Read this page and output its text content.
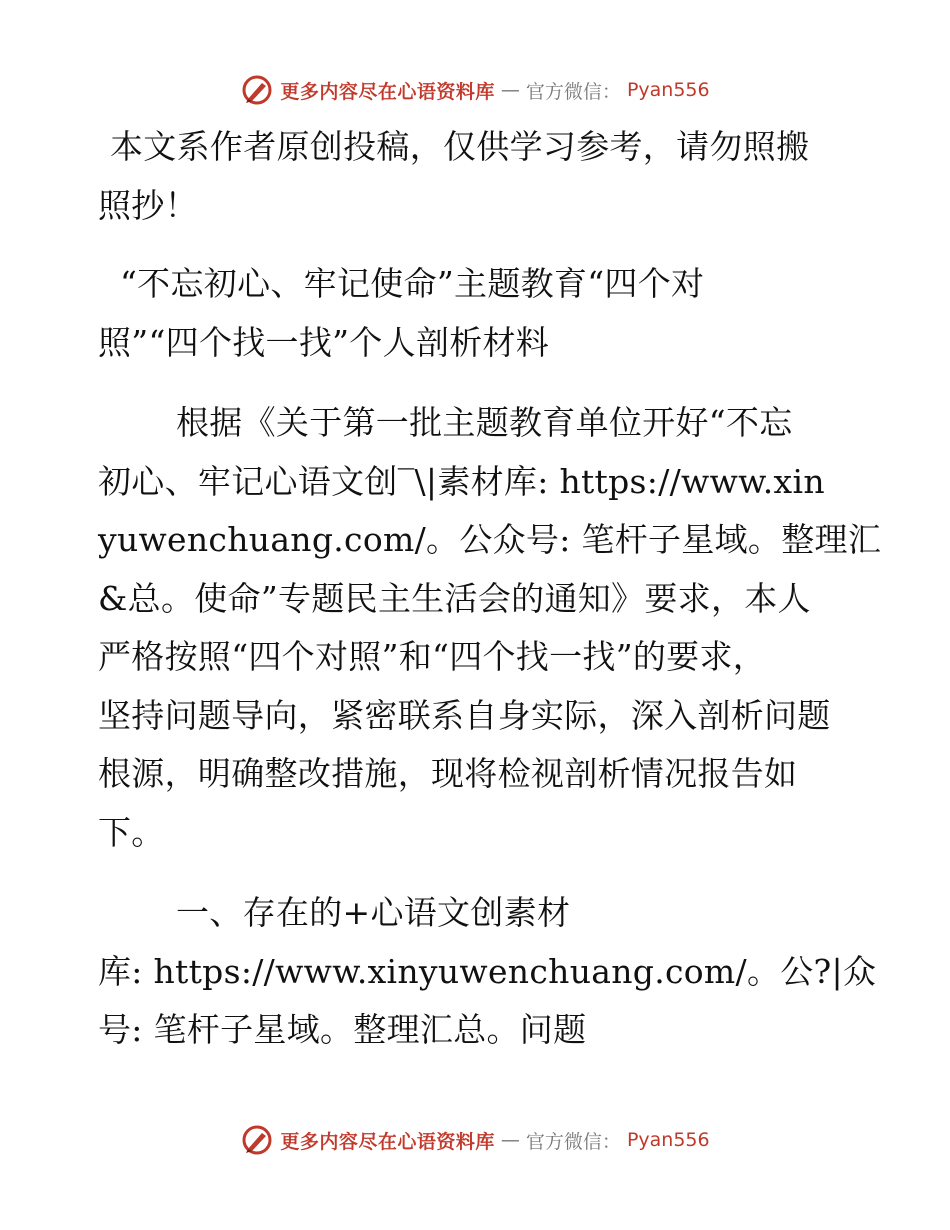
更多内容尽在心语资料库 — 官方微信： Pyan556

本文系作者原创投稿，仅供学习参考，请勿照搬
照抄！

“不忘初心、牢记使命”主题教育“四个对
照”“四个找一找”个人剖析材料

根据《关于第一批主题教育单位开好“不忘
初心、牢记心语文创‾\|素材库: https://www.xin
yuwenchuang.com/。公众号: 笔杆子星域。整理汇
&总。使命”专题民主生活会的通知》要求，本人
严格按照“四个对照”和“四个找一找”的要求，
坚持问题导向，紧密联系自身实际，深入剖析问题
根源，明确整改措施，现将检视剖析情况报告如
下。

一、存在的+心语文创素材
库: https://www.xinyuwenchuang.com/。公?|众
号: 笔杆子星域。整理汇总。问题

更多内容尽在心语资料库 — 官方微信： Pyan556
